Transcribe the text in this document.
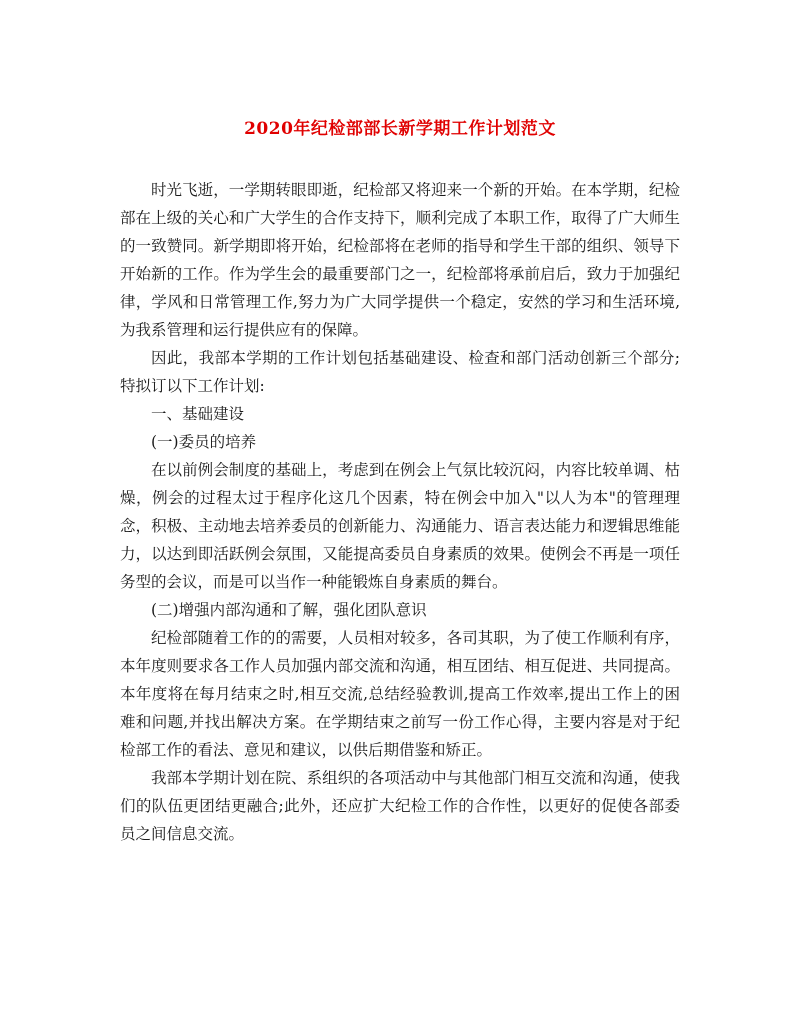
2020年纪检部部长新学期工作计划范文

时光飞逝，一学期转眼即逝，纪检部又将迎来一个新的开始。在本学期，纪检部在上级的关心和广大学生的合作支持下，顺利完成了本职工作，取得了广大师生的一致赞同。新学期即将开始，纪检部将在老师的指导和学生干部的组织、领导下开始新的工作。作为学生会的最重要部门之一，纪检部将承前启后，致力于加强纪律，学风和日常管理工作,努力为广大同学提供一个稳定，安然的学习和生活环境,为我系管理和运行提供应有的保障。

因此，我部本学期的工作计划包括基础建设、检查和部门活动创新三个部分;特拟订以下工作计划:

一、基础建设

(一)委员的培养

在以前例会制度的基础上，考虑到在例会上气氛比较沉闷，内容比较单调、枯燥，例会的过程太过于程序化这几个因素，特在例会中加入"以人为本"的管理理念，积极、主动地去培养委员的创新能力、沟通能力、语言表达能力和逻辑思维能力，以达到即活跃例会氛围，又能提高委员自身素质的效果。使例会不再是一项任务型的会议，而是可以当作一种能锻炼自身素质的舞台。

(二)增强内部沟通和了解，强化团队意识

纪检部随着工作的的需要，人员相对较多，各司其职，为了使工作顺利有序，本年度则要求各工作人员加强内部交流和沟通，相互团结、相互促进、共同提高。本年度将在每月结束之时,相互交流,总结经验教训,提高工作效率,提出工作上的困难和问题,并找出解决方案。在学期结束之前写一份工作心得，主要内容是对于纪检部工作的看法、意见和建议，以供后期借鉴和矫正。

我部本学期计划在院、系组织的各项活动中与其他部门相互交流和沟通，使我们的队伍更团结更融合;此外，还应扩大纪检工作的合作性，以更好的促使各部委员之间信息交流。
